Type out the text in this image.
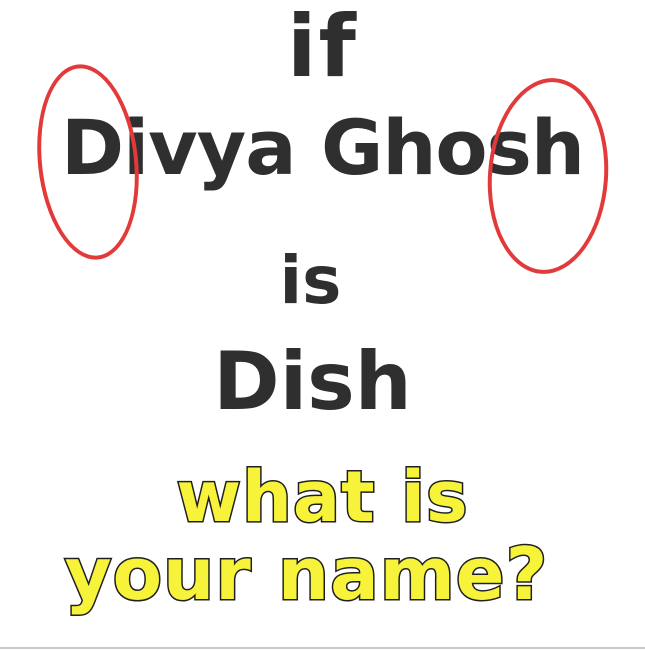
if
Divya Ghosh
is
Dish
what is
your name?
